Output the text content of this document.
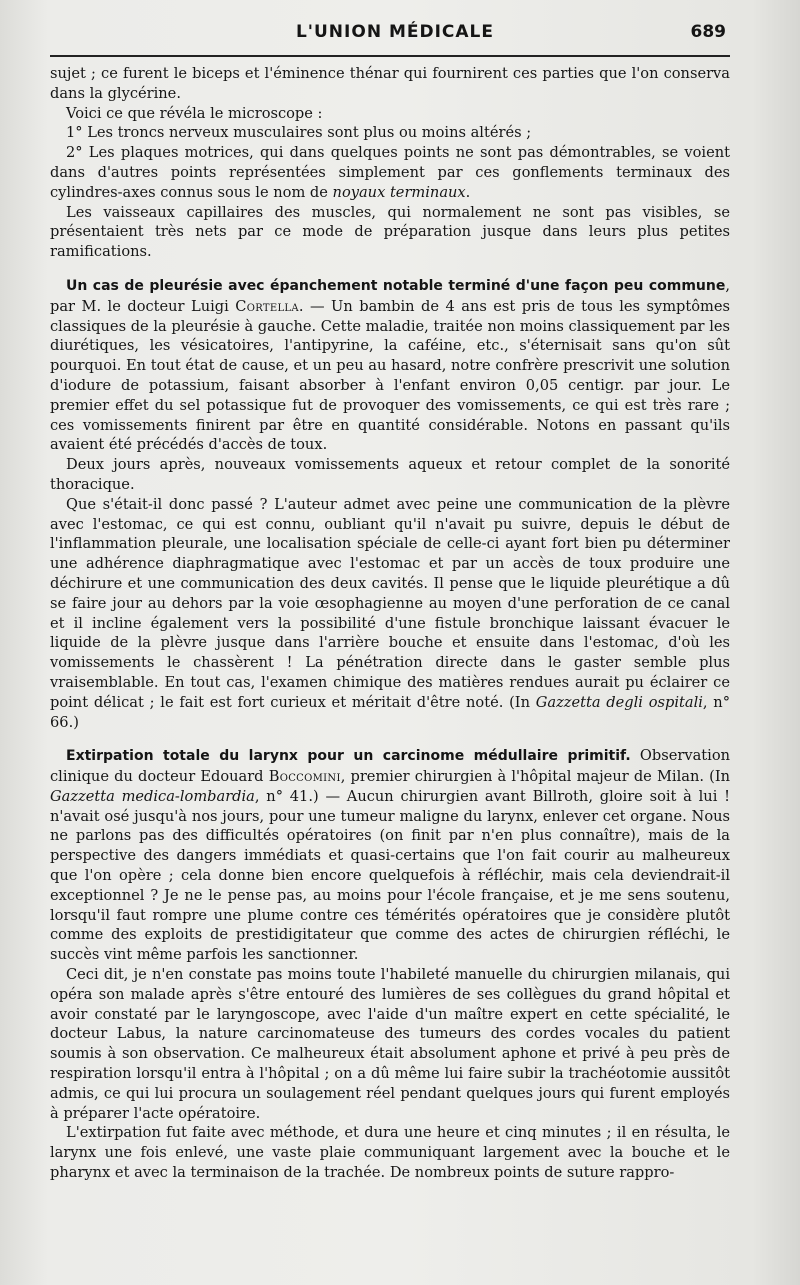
L'UNION MÉDICALE	689

sujet ; ce furent le biceps et l'éminence thénar qui fournirent ces parties que l'on conserva dans la glycérine.

Voici ce que révéla le microscope :

1° Les troncs nerveux musculaires sont plus ou moins altérés ;

2° Les plaques motrices, qui dans quelques points ne sont pas démontrables, se voient dans d'autres points représentées simplement par ces gonflements terminaux des cylindres-axes connus sous le nom de noyaux terminaux.

Les vaisseaux capillaires des muscles, qui normalement ne sont pas visibles, se présentaient très nets par ce mode de préparation jusque dans leurs plus petites ramifications.

Un cas de pleurésie avec épanchement notable terminé d'une façon peu commune, par M. le docteur Luigi Cortella. — Un bambin de 4 ans est pris de tous les symptômes classiques de la pleurésie à gauche. Cette maladie, traitée non moins classiquement par les diurétiques, les vésicatoires, l'antipyrine, la caféine, etc., s'éternisait sans qu'on sût pourquoi. En tout état de cause, et un peu au hasard, notre confrère prescrivit une solution d'iodure de potassium, faisant absorber à l'enfant environ 0,05 centigr. par jour. Le premier effet du sel potassique fut de provoquer des vomissements, ce qui est très rare ; ces vomissements finirent par être en quantité considérable. Notons en passant qu'ils avaient été précédés d'accès de toux.

Deux jours après, nouveaux vomissements aqueux et retour complet de la sonorité thoracique.

Que s'était-il donc passé ? L'auteur admet avec peine une communication de la plèvre avec l'estomac, ce qui est connu, oubliant qu'il n'avait pu suivre, depuis le début de l'inflammation pleurale, une localisation spéciale de celle-ci ayant fort bien pu déterminer une adhérence diaphragmatique avec l'estomac et par un accès de toux produire une déchirure et une communication des deux cavités. Il pense que le liquide pleurétique a dû se faire jour au dehors par la voie œsophagienne au moyen d'une perforation de ce canal et il incline également vers la possibilité d'une fistule bronchique laissant évacuer le liquide de la plèvre jusque dans l'arrière bouche et ensuite dans l'estomac, d'où les vomissements le chassèrent ! La pénétration directe dans le gaster semble plus vraisemblable. En tout cas, l'examen chimique des matières rendues aurait pu éclairer ce point délicat ; le fait est fort curieux et méritait d'être noté. (In Gazzetta degli ospitali, n° 66.)

Extirpation totale du larynx pour un carcinome médullaire primitif. Observation clinique du docteur Edouard Boccomini, premier chirurgien à l'hôpital majeur de Milan. (In Gazzetta medica-lombardia, n° 41.) — Aucun chirurgien avant Billroth, gloire soit à lui ! n'avait osé jusqu'à nos jours, pour une tumeur maligne du larynx, enlever cet organe. Nous ne parlons pas des difficultés opératoires (on finit par n'en plus connaître), mais de la perspective des dangers immédiats et quasi-certains que l'on fait courir au malheureux que l'on opère ; cela donne bien encore quelquefois à réfléchir, mais cela deviendrait-il exceptionnel ? Je ne le pense pas, au moins pour l'école française, et je me sens soutenu, lorsqu'il faut rompre une plume contre ces témérités opératoires que je considère plutôt comme des exploits de prestidigitateur que comme des actes de chirurgien réfléchi, le succès vint même parfois les sanctionner.

Ceci dit, je n'en constate pas moins toute l'habileté manuelle du chirurgien milanais, qui opéra son malade après s'être entouré des lumières de ses collègues du grand hôpital et avoir constaté par le laryngoscope, avec l'aide d'un maître expert en cette spécialité, le docteur Labus, la nature carcinomateuse des tumeurs des cordes vocales du patient soumis à son observation. Ce malheureux était absolument aphone et privé à peu près de respiration lorsqu'il entra à l'hôpital ; on a dû même lui faire subir la trachéotomie aussitôt admis, ce qui lui procura un soulagement réel pendant quelques jours qui furent employés à préparer l'acte opératoire.

L'extirpation fut faite avec méthode, et dura une heure et cinq minutes ; il en résulta, le larynx une fois enlevé, une vaste plaie communiquant largement avec la bouche et le pharynx et avec la terminaison de la trachée. De nombreux points de suture rappro-
